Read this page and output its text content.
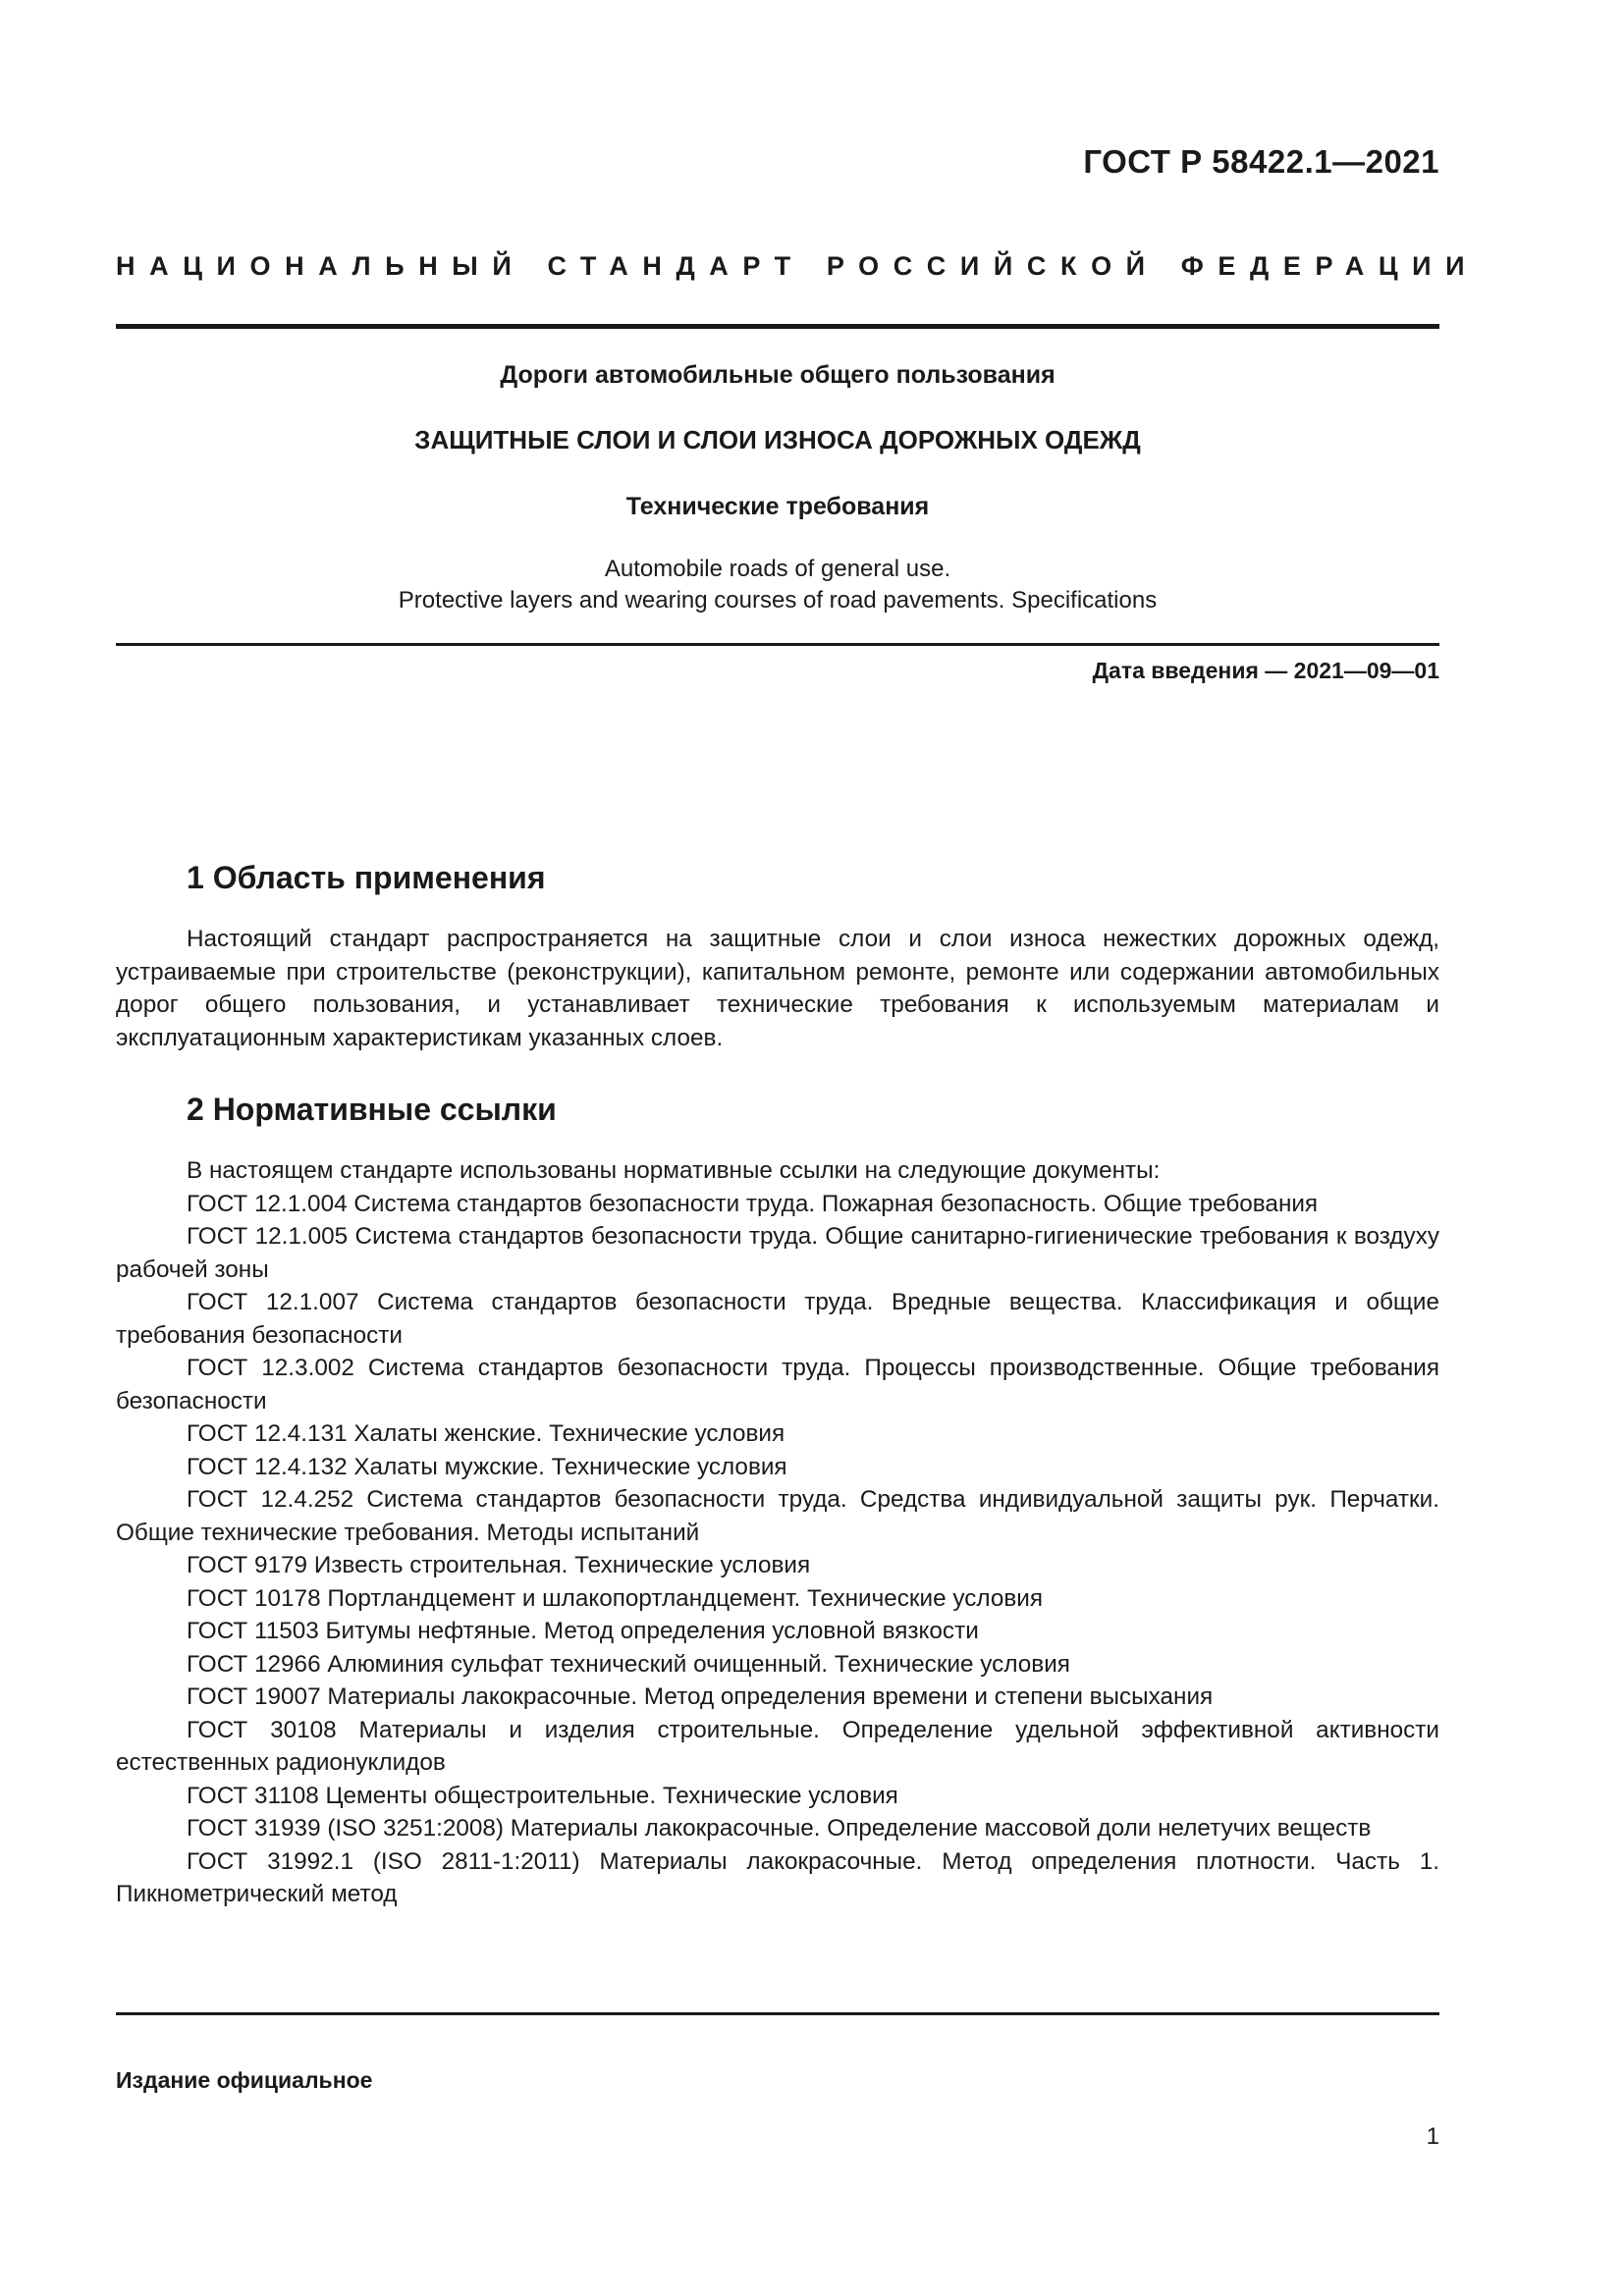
ГОСТ Р 58422.1—2021
НАЦИОНАЛЬНЫЙ СТАНДАРТ РОССИЙСКОЙ ФЕДЕРАЦИИ
Дороги автомобильные общего пользования
ЗАЩИТНЫЕ СЛОИ И СЛОИ ИЗНОСА ДОРОЖНЫХ ОДЕЖД
Технические требования
Automobile roads of general use.
Protective layers and wearing courses of road pavements. Specifications
Дата введения — 2021—09—01
1 Область применения

Настоящий стандарт распространяется на защитные слои и слои износа нежестких дорожных одежд, устраиваемые при строительстве (реконструкции), капитальном ремонте, ремонте или содержании автомобильных дорог общего пользования, и устанавливает технические требования к используемым материалам и эксплуатационным характеристикам указанных слоев.

2 Нормативные ссылки

В настоящем стандарте использованы нормативные ссылки на следующие документы:

ГОСТ 12.1.004 Система стандартов безопасности труда. Пожарная безопасность. Общие требования

ГОСТ 12.1.005 Система стандартов безопасности труда. Общие санитарно-гигиенические требования к воздуху рабочей зоны

ГОСТ 12.1.007 Система стандартов безопасности труда. Вредные вещества. Классификация и общие требования безопасности

ГОСТ 12.3.002 Система стандартов безопасности труда. Процессы производственные. Общие требования безопасности

ГОСТ 12.4.131 Халаты женские. Технические условия

ГОСТ 12.4.132 Халаты мужские. Технические условия

ГОСТ 12.4.252 Система стандартов безопасности труда. Средства индивидуальной защиты рук. Перчатки. Общие технические требования. Методы испытаний

ГОСТ 9179 Известь строительная. Технические условия

ГОСТ 10178 Портландцемент и шлакопортландцемент. Технические условия

ГОСТ 11503 Битумы нефтяные. Метод определения условной вязкости

ГОСТ 12966 Алюминия сульфат технический очищенный. Технические условия

ГОСТ 19007 Материалы лакокрасочные. Метод определения времени и степени высыхания

ГОСТ 30108 Материалы и изделия строительные. Определение удельной эффективной активности естественных радионуклидов

ГОСТ 31108 Цементы общестроительные. Технические условия

ГОСТ 31939 (ISO 3251:2008) Материалы лакокрасочные. Определение массовой доли нелетучих веществ

ГОСТ 31992.1 (ISO 2811-1:2011) Материалы лакокрасочные. Метод определения плотности. Часть 1. Пикнометрический метод

Издание официальное
1
